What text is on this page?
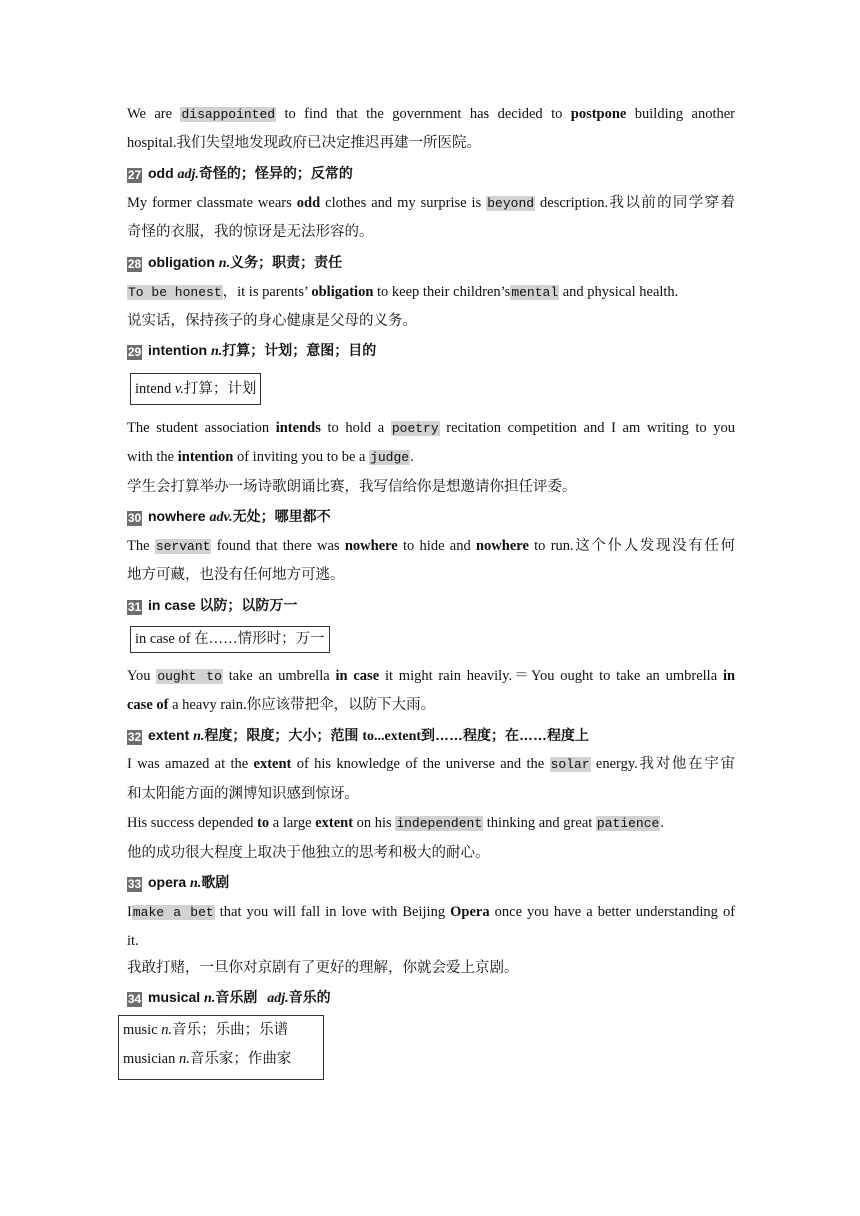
We are disappointed to find that the government has decided to postpone building another
hospital.我们失望地发现政府已决定推迟再建一所医院。
27 odd adj.奇怪的；怪异的；反常的
My former classmate wears odd clothes and my surprise is beyond description.我以前的同学穿着
奇怪的衣服，我的惊讶是无法形容的。
28 obligation n.义务；职责；责任
To be honest，it is parents’ obligation to keep their children’smental and physical health.
说实话，保持孩子的身心健康是父母的义务。
29 intention n.打算；计划；意图；目的
intend v.打算；计划
The student association intends to hold a poetry recitation competition and I am writing to you
with the intention of inviting you to be a judge.
学生会打算举办一场诗歌朗诵比赛，我写信给你是想邀请你担任评委。
30 nowhere adv.无处；哪里都不
The servant found that there was nowhere to hide and nowhere to run.这个仆人发现没有任何
地方可藏，也没有任何地方可逃。
31 in case 以防；以防万一
in case of 在……情形时；万一
You ought to take an umbrella in case it might rain heavily.＝You ought to take an umbrella in
case of a heavy rain.你应该带把伞，以防下大雨。
32 extent n.程度；限度；大小；范围 to...extent到……程度；在……程度上
I was amazed at the extent of his knowledge of the universe and the solar energy.我对他在宇宙
和太阳能方面的渊博知识感到惊讶。
His success depended to a large extent on his independent thinking and great patience.
他的成功很大程度上取决于他独立的思考和极大的耐心。
33 opera n.歌剧
Imake a bet that you will fall in love with Beijing Opera once you have a better understanding of
it.
我敢打赌，一旦你对京剧有了更好的理解，你就会爱上京剧。
34 musical n.音乐剧 adj.音乐的
music n.音乐；乐曲；乐谱
musician n.音乐家；作曲家
